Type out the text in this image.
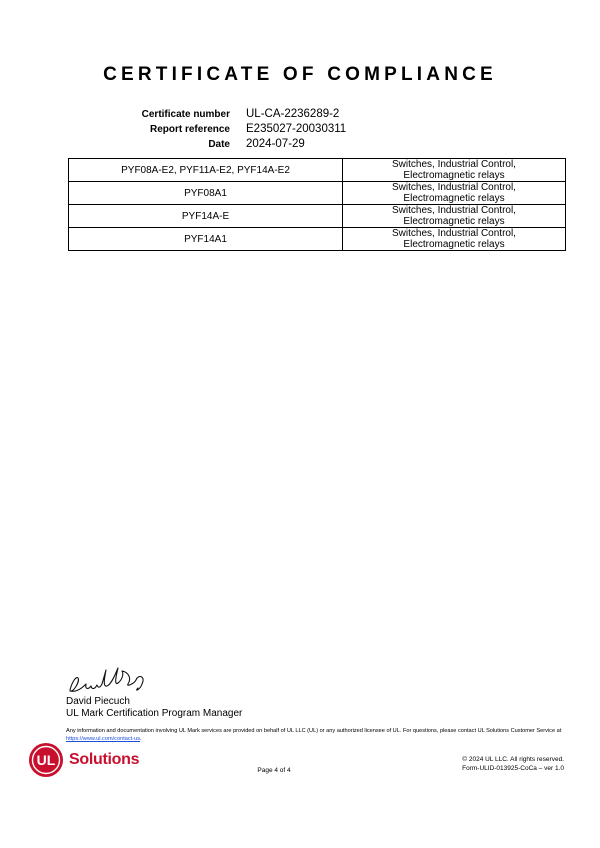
CERTIFICATE OF COMPLIANCE
Certificate number	UL-CA-2236289-2
Report reference	E235027-20030311
Date	2024-07-29
PYF08A-E2, PYF11A-E2, PYF14A-E2	Switches, Industrial Control,
Electromagnetic relays

PYF08A1	Switches, Industrial Control,
Electromagnetic relays

PYF14A-E	Switches, Industrial Control,
Electromagnetic relays

PYF14A1	Switches, Industrial Control,
Electromagnetic relays
David Piecuch
UL Mark Certification Program Manager
Any information and documentation involving UL Mark services are provided on behalf of UL LLC (UL) or any authorized licensee of UL. For questions, please contact UL Solutions Customer Service at https://www.ul.com/contact-us.
UL Solutions
Page 4 of 4
© 2024 UL LLC. All rights reserved.
Form-ULID-013925-CoCa – ver 1.0
